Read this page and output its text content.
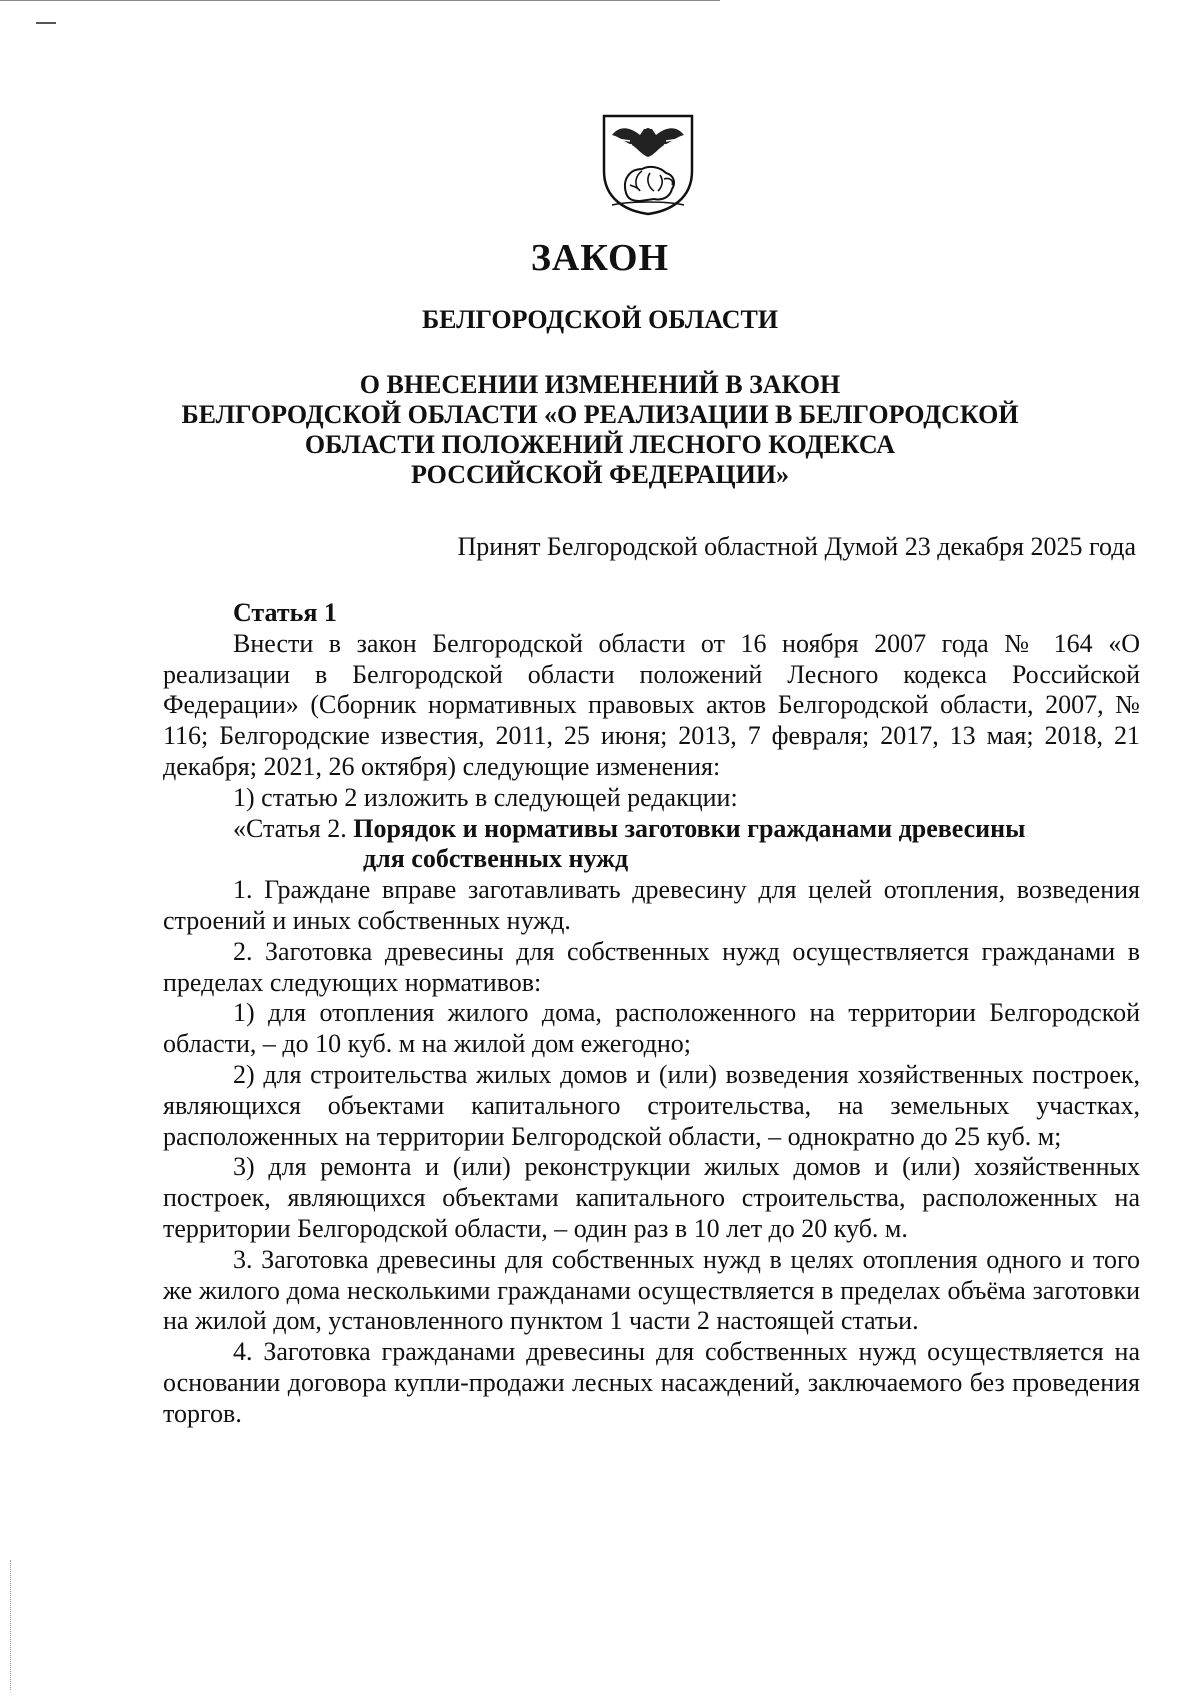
ЗАКОН
БЕЛГОРОДСКОЙ ОБЛАСТИ
О ВНЕСЕНИИ ИЗМЕНЕНИЙ В ЗАКОН
БЕЛГОРОДСКОЙ ОБЛАСТИ «О РЕАЛИЗАЦИИ В БЕЛГОРОДСКОЙ
ОБЛАСТИ ПОЛОЖЕНИЙ ЛЕСНОГО КОДЕКСА
РОССИЙСКОЙ ФЕДЕРАЦИИ»
Принят Белгородской областной Думой 23 декабря 2025 года

Статья 1

Внести в закон Белгородской области от 16 ноября 2007 года № 164 «О реализации в Белгородской области положений Лесного кодекса Российской Федерации» (Сборник нормативных правовых актов Белгородской области, 2007, № 116; Белгородские известия, 2011, 25 июня; 2013, 7 февраля; 2017, 13 мая; 2018, 21 декабря; 2021, 26 октября) следующие изменения:

1) статью 2 изложить в следующей редакции:

«Статья 2. Порядок и нормативы заготовки гражданами древесины

для собственных нужд

1. Граждане вправе заготавливать древесину для целей отопления, возведения строений и иных собственных нужд.

2. Заготовка древесины для собственных нужд осуществляется гражданами в пределах следующих нормативов:

1) для отопления жилого дома, расположенного на территории Белгородской области, – до 10 куб. м на жилой дом ежегодно;

2) для строительства жилых домов и (или) возведения хозяйственных построек, являющихся объектами капитального строительства, на земельных участках, расположенных на территории Белгородской области, – однократно до 25 куб. м;

3) для ремонта и (или) реконструкции жилых домов и (или) хозяйственных построек, являющихся объектами капитального строительства, расположенных на территории Белгородской области, – один раз в 10 лет до 20 куб. м.

3. Заготовка древесины для собственных нужд в целях отопления одного и того же жилого дома несколькими гражданами осуществляется в пределах объёма заготовки на жилой дом, установленного пунктом 1 части 2 настоящей статьи.

4. Заготовка гражданами древесины для собственных нужд осуществляется на основании договора купли-продажи лесных насаждений, заключаемого без проведения торгов.
